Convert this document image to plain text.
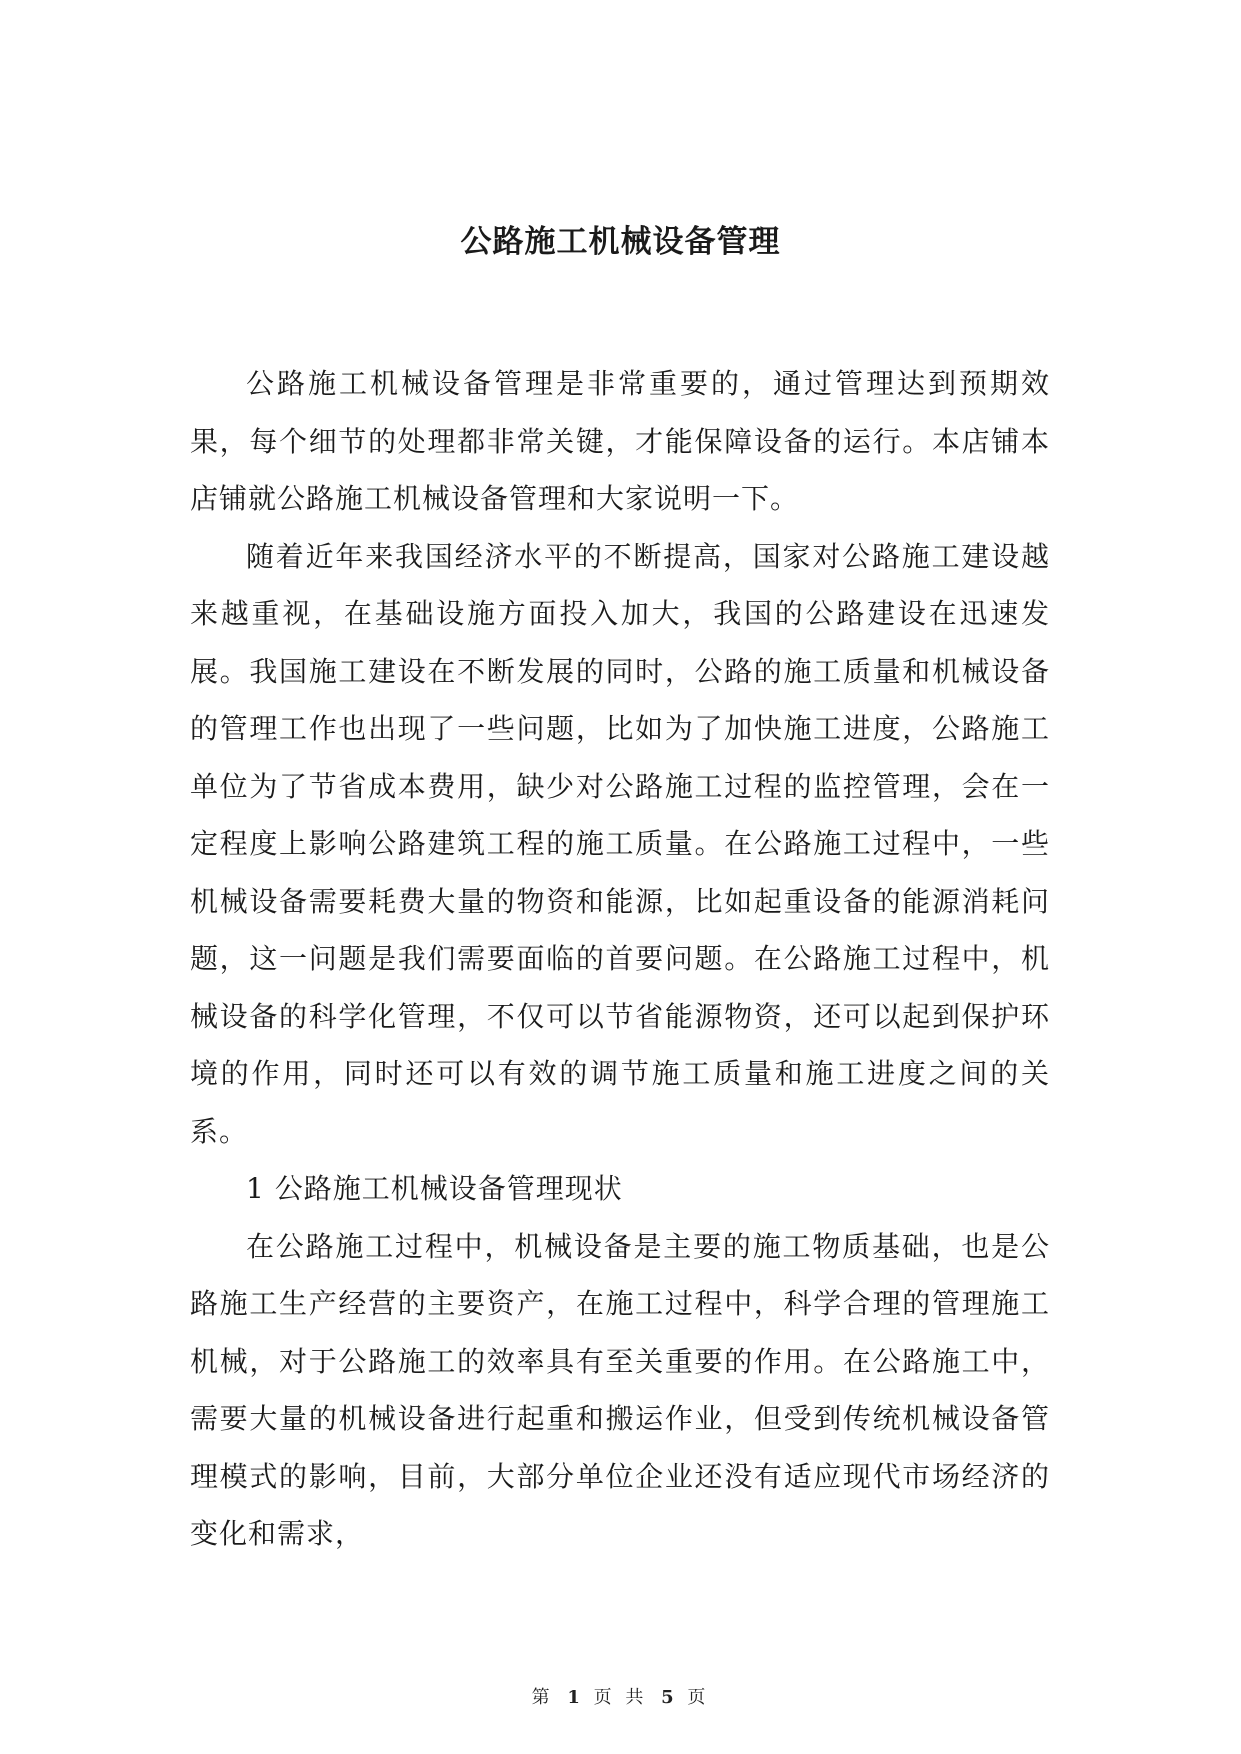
公路施工机械设备管理

公路施工机械设备管理是非常重要的，通过管理达到预期效果，每个细节的处理都非常关键，才能保障设备的运行。本店铺本店铺就公路施工机械设备管理和大家说明一下。

随着近年来我国经济水平的不断提高，国家对公路施工建设越来越重视，在基础设施方面投入加大，我国的公路建设在迅速发展。我国施工建设在不断发展的同时，公路的施工质量和机械设备的管理工作也出现了一些问题，比如为了加快施工进度，公路施工单位为了节省成本费用，缺少对公路施工过程的监控管理，会在一定程度上影响公路建筑工程的施工质量。在公路施工过程中，一些机械设备需要耗费大量的物资和能源，比如起重设备的能源消耗问题，这一问题是我们需要面临的首要问题。在公路施工过程中，机械设备的科学化管理，不仅可以节省能源物资，还可以起到保护环境的作用，同时还可以有效的调节施工质量和施工进度之间的关系。

1 公路施工机械设备管理现状

在公路施工过程中，机械设备是主要的施工物质基础，也是公路施工生产经营的主要资产，在施工过程中，科学合理的管理施工机械，对于公路施工的效率具有至关重要的作用。在公路施工中，需要大量的机械设备进行起重和搬运作业，但受到传统机械设备管理模式的影响，目前，大部分单位企业还没有适应现代市场经济的变化和需求，

第 1 页 共 5 页
